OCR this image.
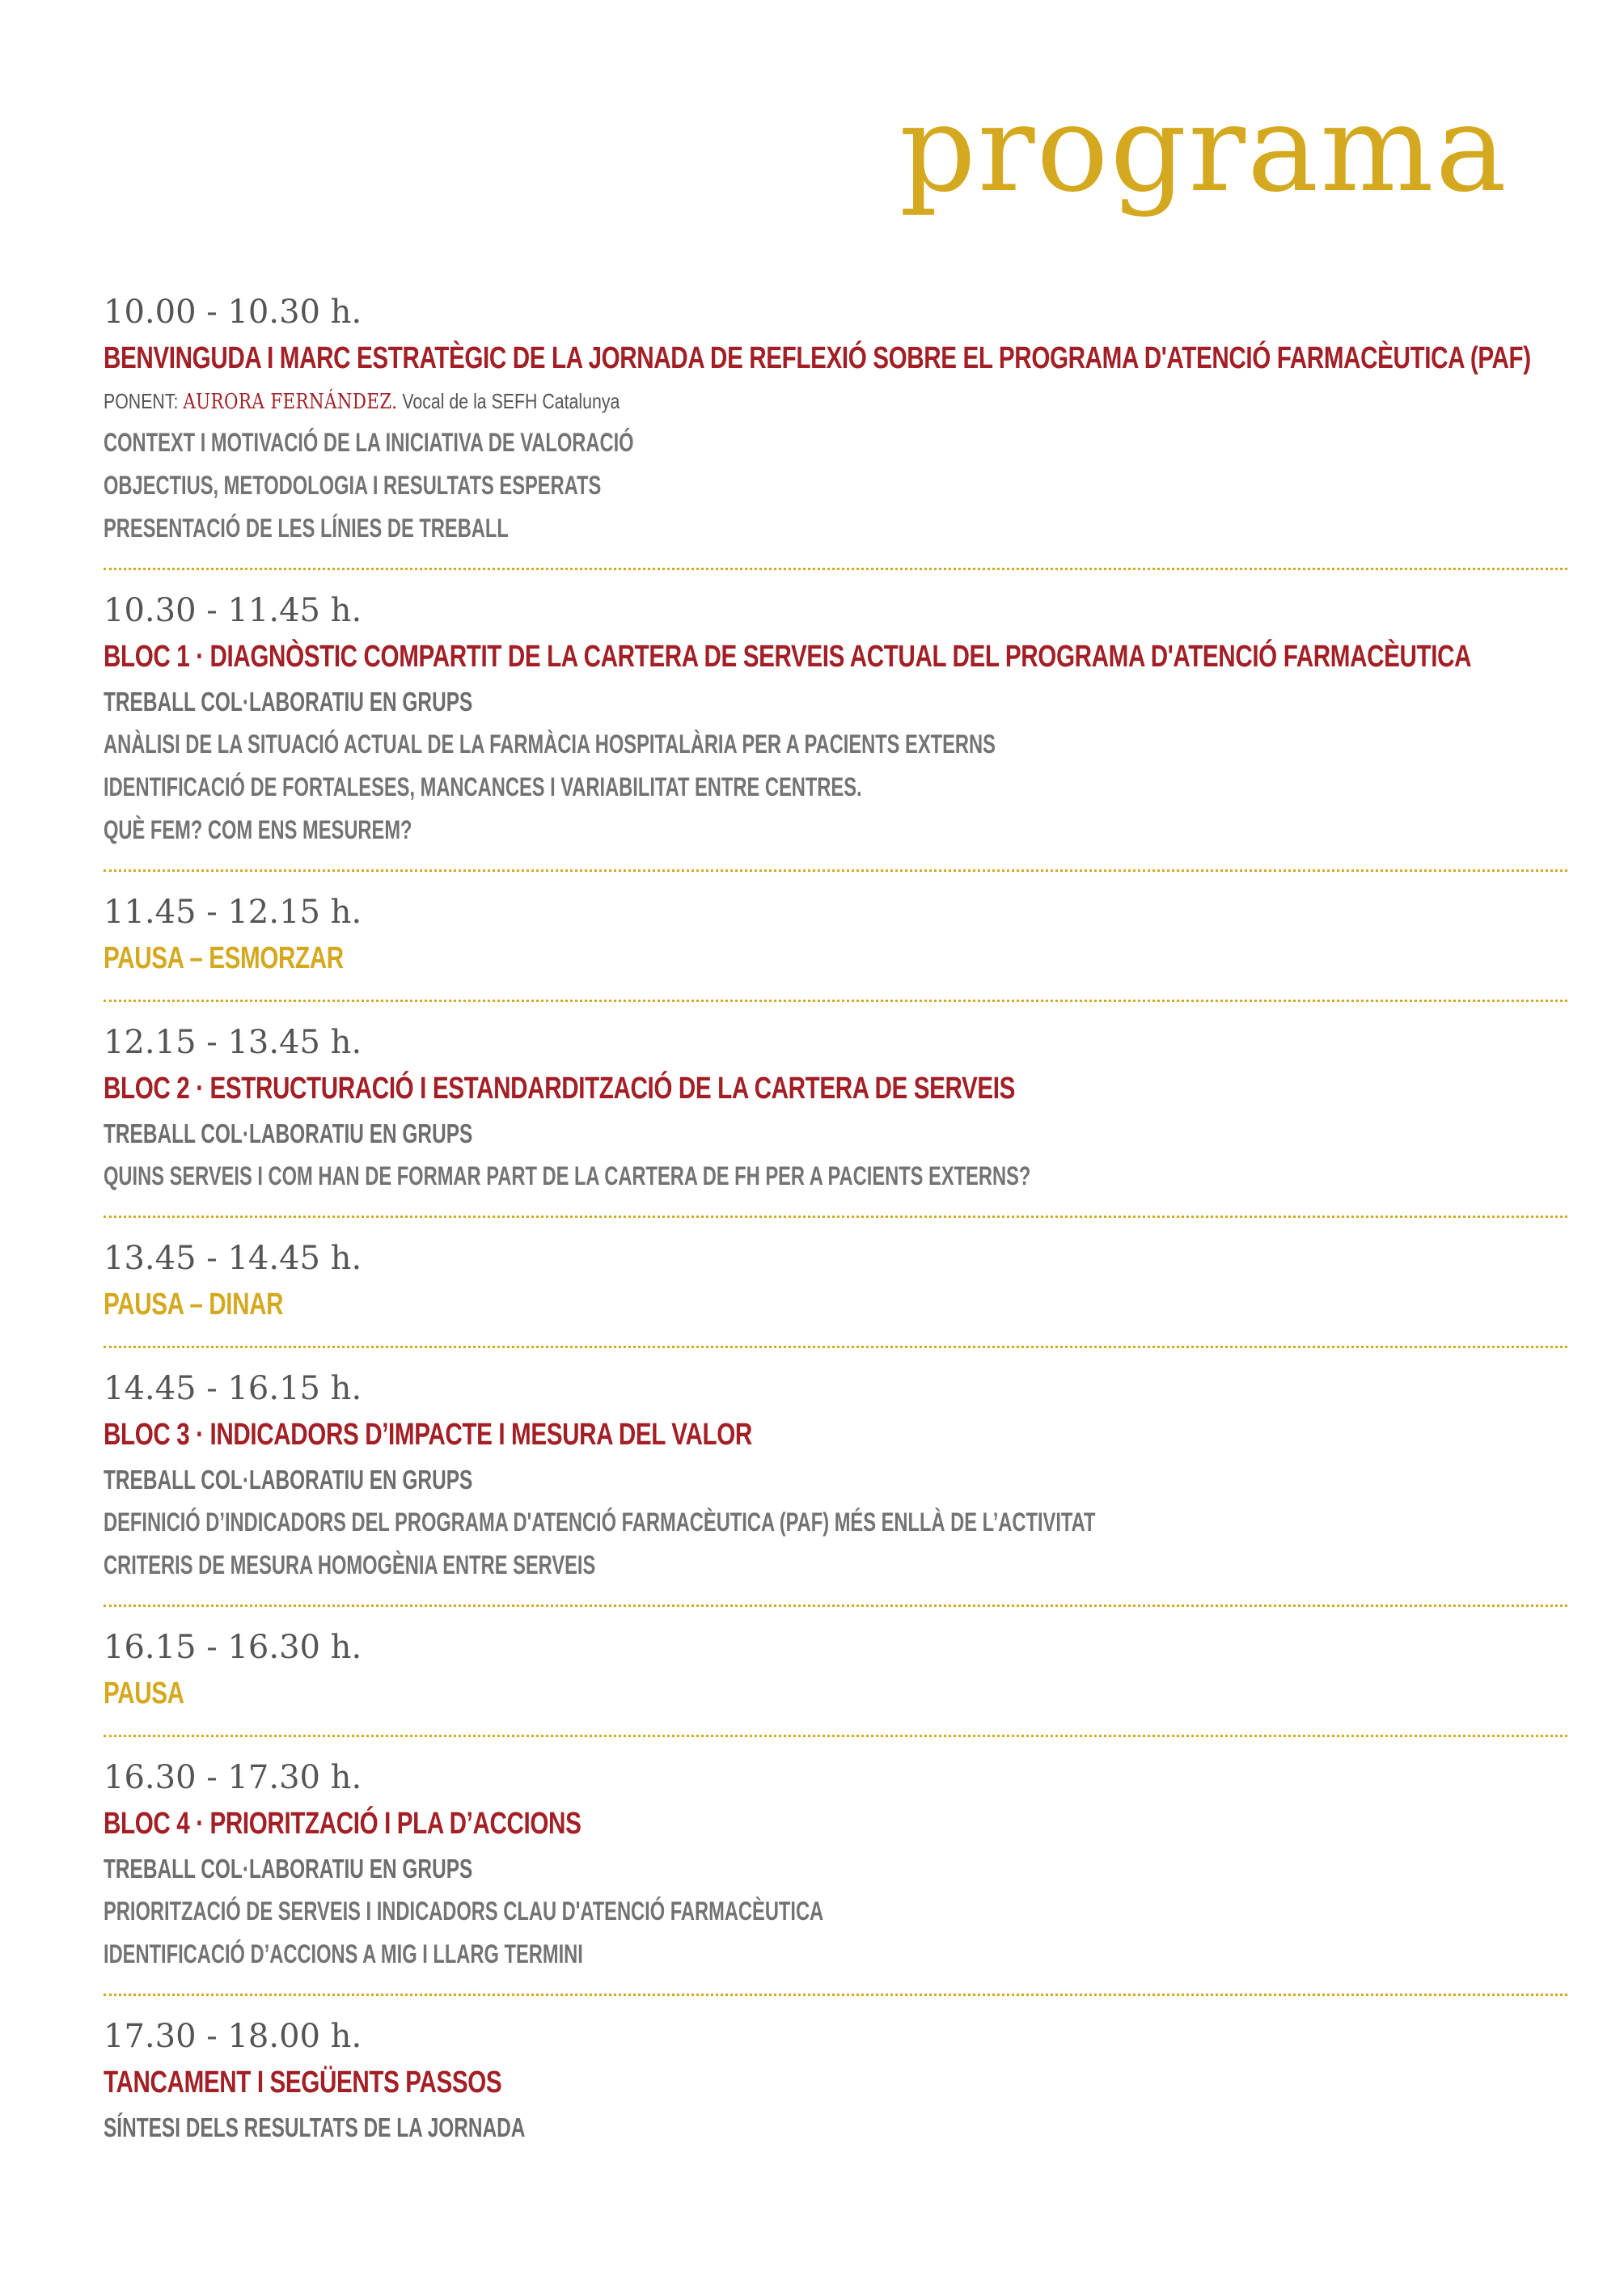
programa
10.00 - 10.30 h.
BENVINGUDA I MARC ESTRATÈGIC DE LA JORNADA DE REFLEXIÓ SOBRE EL PROGRAMA D'ATENCIÓ FARMACÈUTICA (PAF)
PONENT: AURORA FERNÁNDEZ. Vocal de la SEFH Catalunya
CONTEXT I MOTIVACIÓ DE LA INICIATIVA DE VALORACIÓ
OBJECTIUS, METODOLOGIA I RESULTATS ESPERATS
PRESENTACIÓ DE LES LÍNIES DE TREBALL
10.30 - 11.45 h.
BLOC 1 · DIAGNÒSTIC COMPARTIT DE LA CARTERA DE SERVEIS ACTUAL DEL PROGRAMA D'ATENCIÓ FARMACÈUTICA
TREBALL COL·LABORATIU EN GRUPS
ANÀLISI DE LA SITUACIÓ ACTUAL DE LA FARMÀCIA HOSPITALÀRIA PER A PACIENTS EXTERNS
IDENTIFICACIÓ DE FORTALESES, MANCANCES I VARIABILITAT ENTRE CENTRES.
QUÈ FEM? COM ENS MESUREM?
11.45 - 12.15 h.
PAUSA – ESMORZAR
12.15 - 13.45 h.
BLOC 2 · ESTRUCTURACIÓ I ESTANDARDITZACIÓ DE LA CARTERA DE SERVEIS
TREBALL COL·LABORATIU EN GRUPS
QUINS SERVEIS I COM HAN DE FORMAR PART DE LA CARTERA DE FH PER A PACIENTS EXTERNS?
13.45 - 14.45 h.
PAUSA – DINAR
14.45 - 16.15 h.
BLOC 3 · INDICADORS D’IMPACTE I MESURA DEL VALOR
TREBALL COL·LABORATIU EN GRUPS
DEFINICIÓ D’INDICADORS DEL PROGRAMA D'ATENCIÓ FARMACÈUTICA (PAF) MÉS ENLLÀ DE L’ACTIVITAT
CRITERIS DE MESURA HOMOGÈNIA ENTRE SERVEIS
16.15 - 16.30 h.
PAUSA
16.30 - 17.30 h.
BLOC 4 · PRIORITZACIÓ I PLA D’ACCIONS
TREBALL COL·LABORATIU EN GRUPS
PRIORITZACIÓ DE SERVEIS I INDICADORS CLAU D'ATENCIÓ FARMACÈUTICA
IDENTIFICACIÓ D’ACCIONS A MIG I LLARG TERMINI
17.30 - 18.00 h.
TANCAMENT I SEGÜENTS PASSOS
SÍNTESI DELS RESULTATS DE LA JORNADA
